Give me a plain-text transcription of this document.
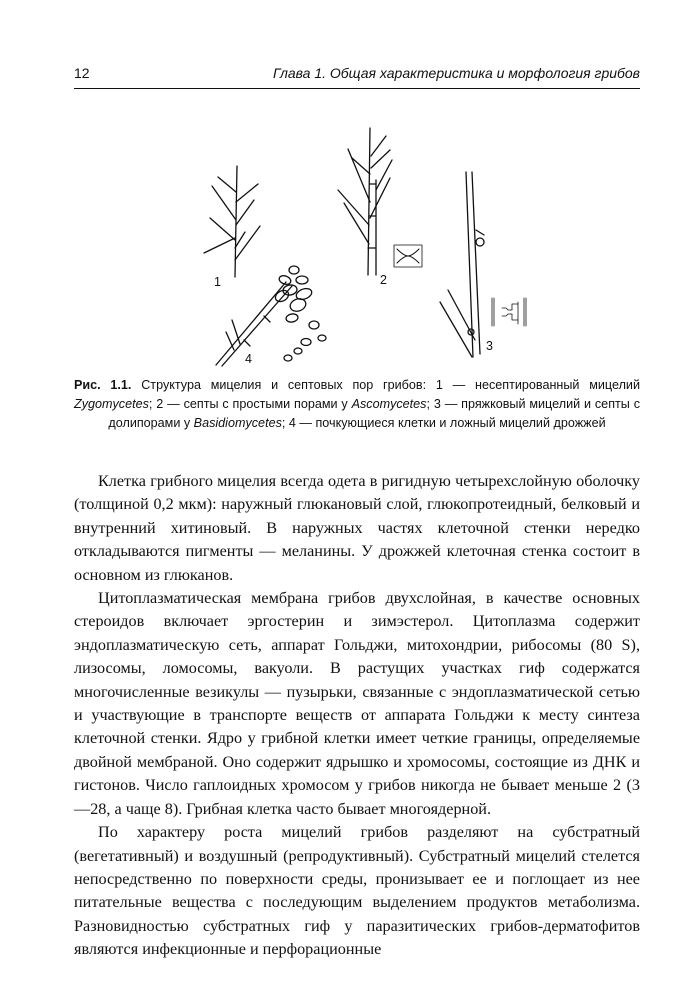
12	Глава 1. Общая характеристика и морфология грибов
1	2
3
4
Рис. 1.1. Структура мицелия и септовых пор грибов: 1 — несептированный мицелий Zygomycetes; 2 — септы с простыми порами у Ascomycetes; 3 — пряжковый мицелий и септы с долипорами у Basidiomycetes; 4 — почкующиеся клетки и ложный мицелий дрожжей

Клетка грибного мицелия всегда одета в ригидную четырехслойную оболочку (толщиной 0,2 мкм): наружный глюкановый слой, глюкопротеидный, белковый и внутренний хитиновый. В наружных частях клеточной стенки нередко откладываются пигменты — меланины. У дрожжей клеточная стенка состоит в основном из глюканов.

Цитоплазматическая мембрана грибов двухслойная, в качестве основных стероидов включает эргостерин и зимэстерол. Цитоплазма содержит эндоплазматическую сеть, аппарат Гольджи, митохондрии, рибосомы (80 S), лизосомы, ломосомы, вакуоли. В растущих участках гиф содержатся многочисленные везикулы — пузырьки, связанные с эндоплазматической сетью и участвующие в транспорте веществ от аппарата Гольджи к месту синтеза клеточной стенки. Ядро у грибной клетки имеет четкие границы, определяемые двойной мембраной. Оно содержит ядрышко и хромосомы, состоящие из ДНК и гистонов. Число гаплоидных хромосом у грибов никогда не бывает меньше 2 (3—28, а чаще 8). Грибная клетка часто бывает многоядерной.

По характеру роста мицелий грибов разделяют на субстратный (вегетативный) и воздушный (репродуктивный). Субстратный мицелий стелется непосредственно по поверхности среды, пронизывает ее и поглощает из нее питательные вещества с последующим выделением продуктов метаболизма. Разновидностью субстратных гиф у паразитических грибов-дерматофитов являются инфекционные и перфорационные
